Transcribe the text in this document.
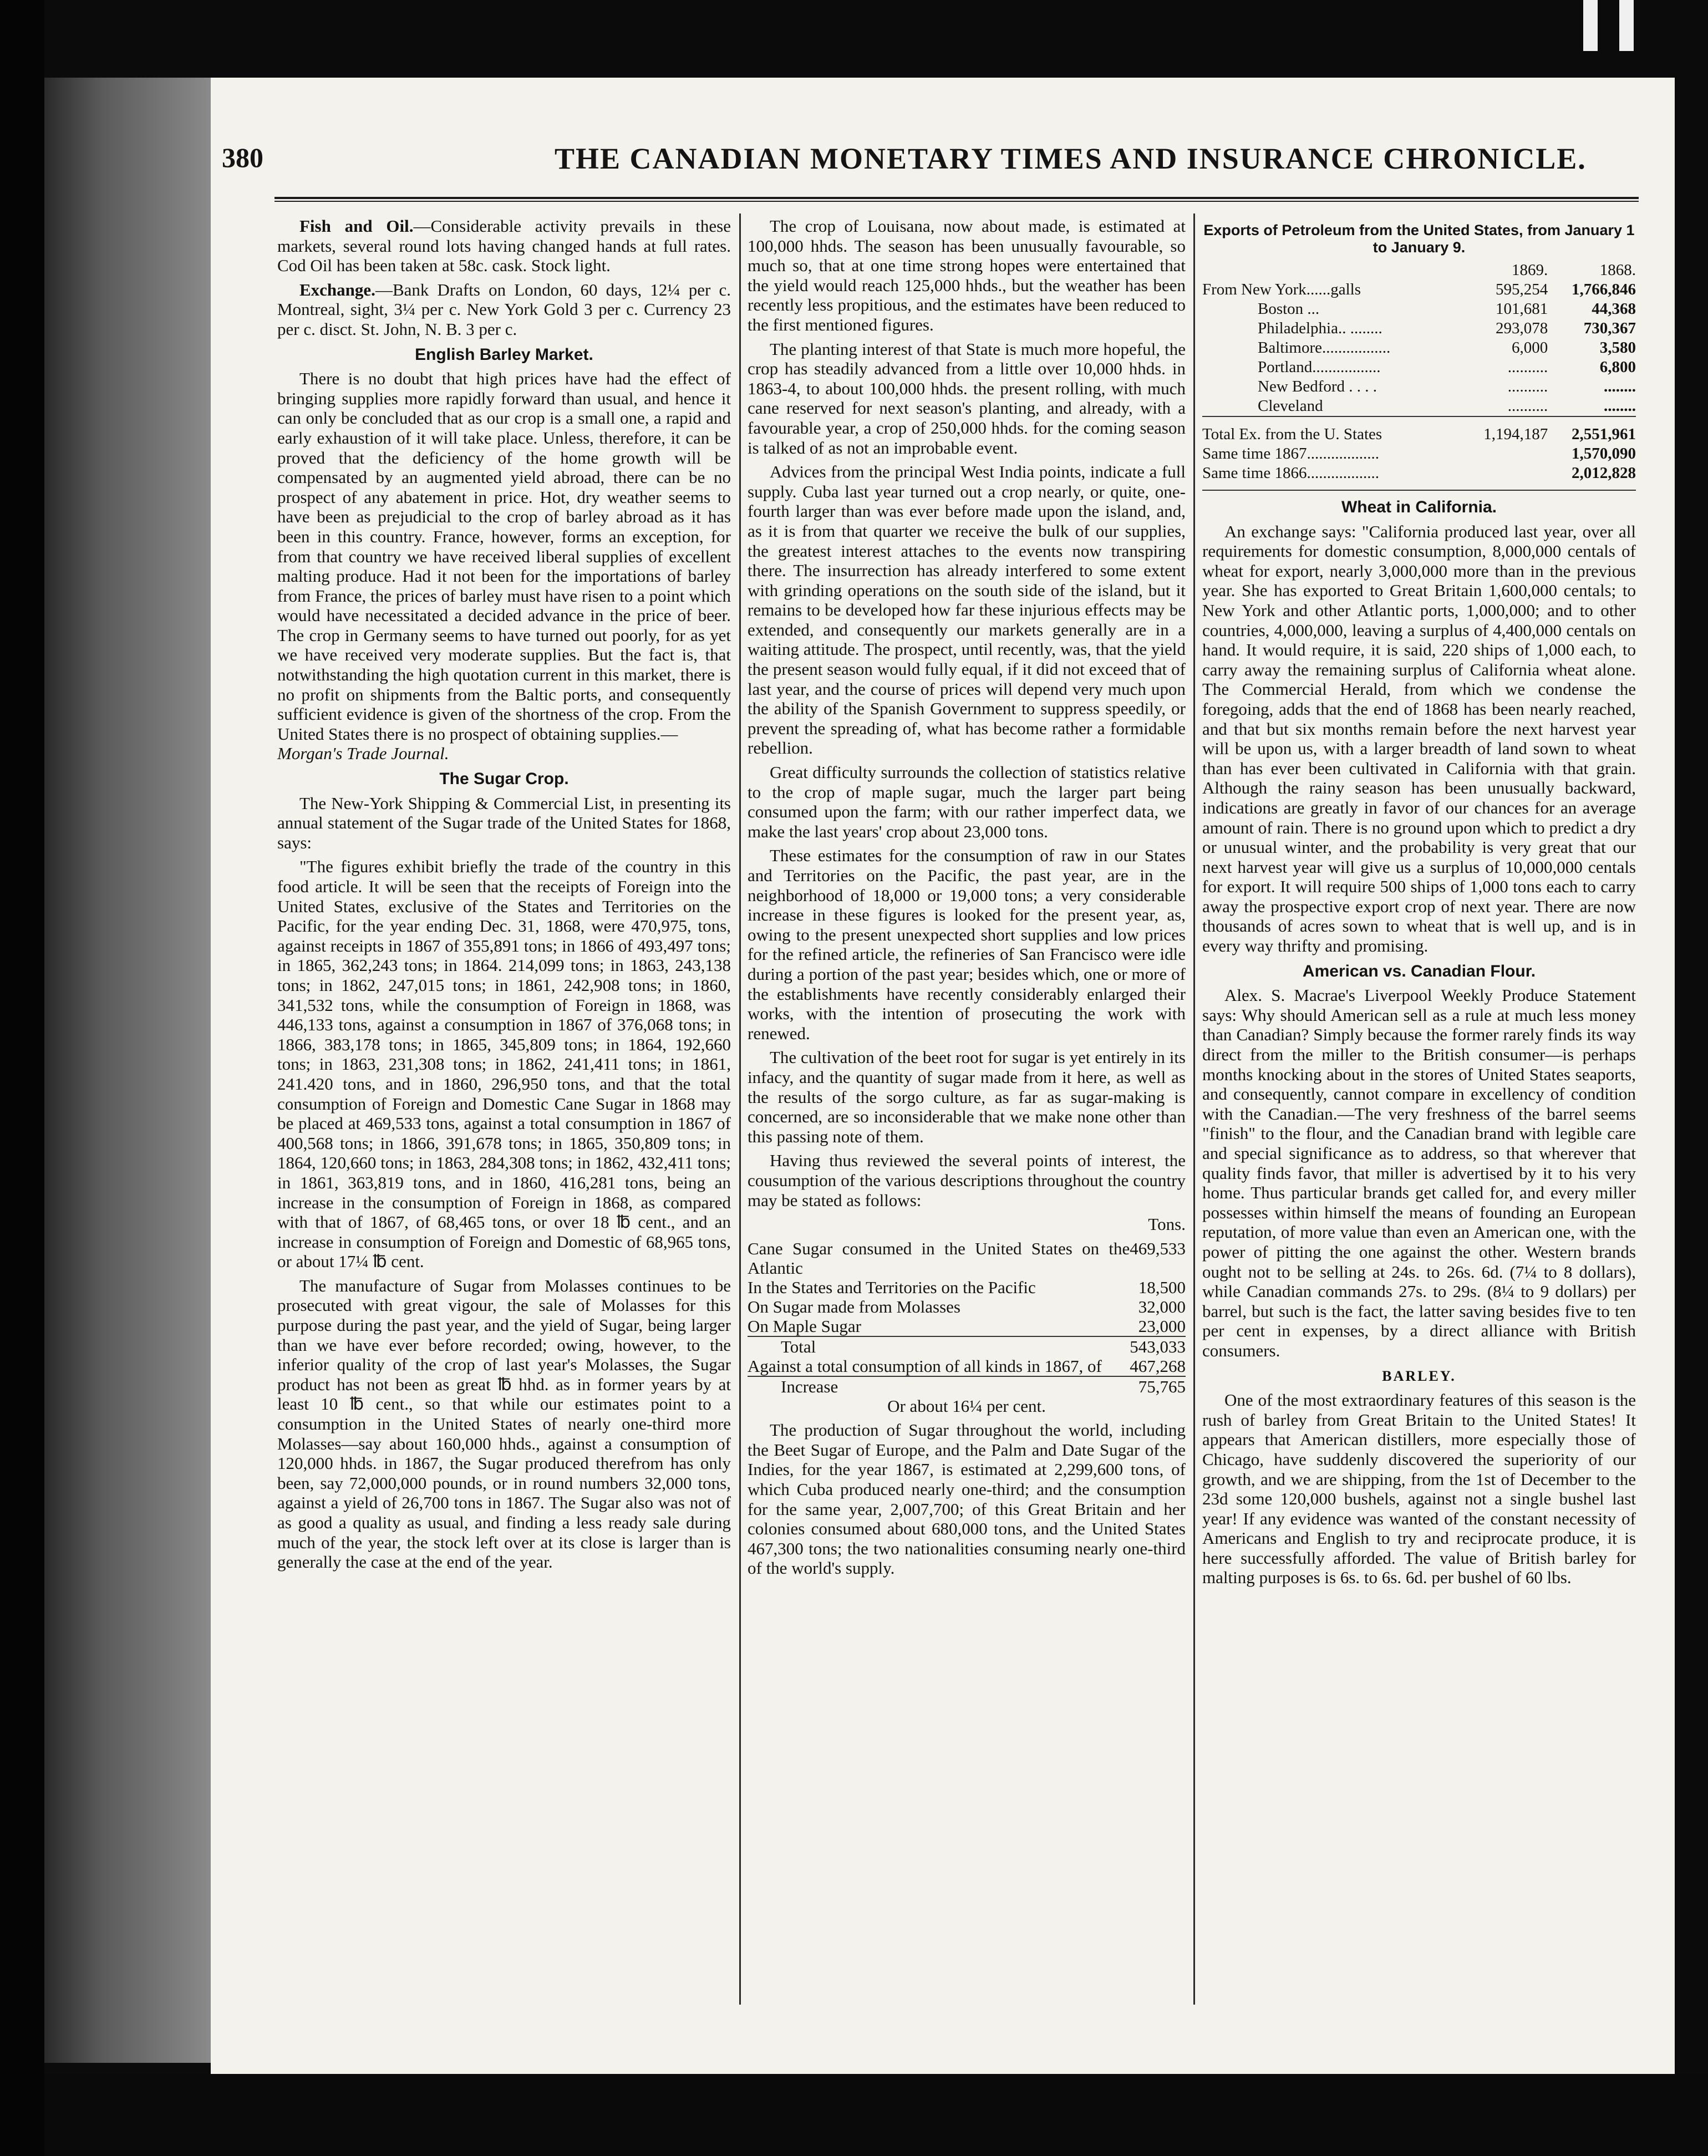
380	THE CANADIAN MONETARY TIMES AND INSURANCE CHRONICLE.

Fish and Oil.—Considerable activity prevails in these markets, several round lots having changed hands at full rates. Cod Oil has been taken at 58c. cask. Stock light.

Exchange.—Bank Drafts on London, 60 days, 12¼ per c. Montreal, sight, 3¼ per c. New York Gold 3 per c. Currency 23 per c. disct. St. John, N. B. 3 per c.

English Barley Market.

There is no doubt that high prices have had the effect of bringing supplies more rapidly forward than usual, and hence it can only be concluded that as our crop is a small one, a rapid and early exhaustion of it will take place. Unless, therefore, it can be proved that the deficiency of the home growth will be compensated by an augmented yield abroad, there can be no prospect of any abatement in price. Hot, dry weather seems to have been as prejudicial to the crop of barley abroad as it has been in this country. France, however, forms an exception, for from that country we have received liberal supplies of excellent malting produce. Had it not been for the importations of barley from France, the prices of barley must have risen to a point which would have necessitated a decided advance in the price of beer. The crop in Germany seems to have turned out poorly, for as yet we have received very moderate supplies. But the fact is, that notwithstanding the high quotation current in this market, there is no profit on shipments from the Baltic ports, and consequently sufficient evidence is given of the shortness of the crop. From the United States there is no prospect of obtaining supplies.—

Morgan's Trade Journal.

The Sugar Crop.

The New-York Shipping & Commercial List, in presenting its annual statement of the Sugar trade of the United States for 1868, says:

"The figures exhibit briefly the trade of the country in this food article. It will be seen that the receipts of Foreign into the United States, exclusive of the States and Territories on the Pacific, for the year ending Dec. 31, 1868, were 470,975, tons, against receipts in 1867 of 355,891 tons; in 1866 of 493,497 tons; in 1865, 362,243 tons; in 1864. 214,099 tons; in 1863, 243,138 tons; in 1862, 247,015 tons; in 1861, 242,908 tons; in 1860, 341,532 tons, while the consumption of Foreign in 1868, was 446,133 tons, against a consumption in 1867 of 376,068 tons; in 1866, 383,178 tons; in 1865, 345,809 tons; in 1864, 192,660 tons; in 1863, 231,308 tons; in 1862, 241,411 tons; in 1861, 241.420 tons, and in 1860, 296,950 tons, and that the total consumption of Foreign and Domestic Cane Sugar in 1868 may be placed at 469,533 tons, against a total consumption in 1867 of 400,568 tons; in 1866, 391,678 tons; in 1865, 350,809 tons; in 1864, 120,660 tons; in 1863, 284,308 tons; in 1862, 432,411 tons; in 1861, 363,819 tons, and in 1860, 416,281 tons, being an increase in the consumption of Foreign in 1868, as compared with that of 1867, of 68,465 tons, or over 18 ℔ cent., and an increase in consumption of Foreign and Domestic of 68,965 tons, or about 17¼ ℔ cent.

The manufacture of Sugar from Molasses continues to be prosecuted with great vigour, the sale of Molasses for this purpose during the past year, and the yield of Sugar, being larger than we have ever before recorded; owing, however, to the inferior quality of the crop of last year's Molasses, the Sugar product has not been as great ℔ hhd. as in former years by at least 10 ℔ cent., so that while our estimates point to a consumption in the United States of nearly one-third more Molasses—say about 160,000 hhds., against a consumption of 120,000 hhds. in 1867, the Sugar produced therefrom has only been, say 72,000,000 pounds, or in round numbers 32,000 tons, against a yield of 26,700 tons in 1867. The Sugar also was not of as good a quality as usual, and finding a less ready sale during much of the year, the stock left over at its close is larger than is generally the case at the end of the year.

The crop of Louisana, now about made, is estimated at 100,000 hhds. The season has been unusually favourable, so much so, that at one time strong hopes were entertained that the yield would reach 125,000 hhds., but the weather has been recently less propitious, and the estimates have been reduced to the first mentioned figures.

The planting interest of that State is much more hopeful, the crop has steadily advanced from a little over 10,000 hhds. in 1863-4, to about 100,000 hhds. the present rolling, with much cane reserved for next season's planting, and already, with a favourable year, a crop of 250,000 hhds. for the coming season is talked of as not an improbable event.

Advices from the principal West India points, indicate a full supply. Cuba last year turned out a crop nearly, or quite, one-fourth larger than was ever before made upon the island, and, as it is from that quarter we receive the bulk of our supplies, the greatest interest attaches to the events now transpiring there. The insurrection has already interfered to some extent with grinding operations on the south side of the island, but it remains to be developed how far these injurious effects may be extended, and consequently our markets generally are in a waiting attitude. The prospect, until recently, was, that the yield the present season would fully equal, if it did not exceed that of last year, and the course of prices will depend very much upon the ability of the Spanish Government to suppress speedily, or prevent the spreading of, what has become rather a formidable rebellion.

Great difficulty surrounds the collection of statistics relative to the crop of maple sugar, much the larger part being consumed upon the farm; with our rather imperfect data, we make the last years' crop about 23,000 tons.

These estimates for the consumption of raw in our States and Territories on the Pacific, the past year, are in the neighborhood of 18,000 or 19,000 tons; a very considerable increase in these figures is looked for the present year, as, owing to the present unexpected short supplies and low prices for the refined article, the refineries of San Francisco were idle during a portion of the past year; besides which, one or more of the establishments have recently considerably enlarged their works, with the intention of prosecuting the work with renewed.

The cultivation of the beet root for sugar is yet entirely in its infacy, and the quantity of sugar made from it here, as well as the results of the sorgo culture, as far as sugar-making is concerned, are so inconsiderable that we make none other than this passing note of them.

Having thus reviewed the several points of interest, the cousumption of the various descriptions throughout the country may be stated as follows:

Tons.

Cane Sugar consumed in the United States on the Atlantic	469,533
In the States and Territories on the Pacific	18,500
On Sugar made from Molasses	32,000
On Maple Sugar	23,000
Total	543,033
Against a total consumption of all kinds in 1867, of	467,268
Increase	75,765

Or about 16¼ per cent.

The production of Sugar throughout the world, including the Beet Sugar of Europe, and the Palm and Date Sugar of the Indies, for the year 1867, is estimated at 2,299,600 tons, of which Cuba produced nearly one-third; and the consumption for the same year, 2,007,700; of this Great Britain and her colonies consumed about 680,000 tons, and the United States 467,300 tons; the two nationalities consuming nearly one-third of the world's supply.

Exports of Petroleum from the United States, from January 1 to January 9.
	1869.	1868.
From New York......galls	595,254	1,766,846
Boston ...	101,681	44,368
Philadelphia.. ........	293,078	730,367
Baltimore.................	6,000	3,580
Portland.................	..........	6,800
New Bedford . . . .	..........	........
Cleveland	..........	........
Total Ex. from the U. States	1,194,187	2,551,961
Same time 1867..................		1,570,090
Same time 1866..................		2,012,828
Wheat in California.

An exchange says: "California produced last year, over all requirements for domestic consumption, 8,000,000 centals of wheat for export, nearly 3,000,000 more than in the previous year. She has exported to Great Britain 1,600,000 centals; to New York and other Atlantic ports, 1,000,000; and to other countries, 4,000,000, leaving a surplus of 4,400,000 centals on hand. It would require, it is said, 220 ships of 1,000 each, to carry away the remaining surplus of California wheat alone. The Commercial Herald, from which we condense the foregoing, adds that the end of 1868 has been nearly reached, and that but six months remain before the next harvest year will be upon us, with a larger breadth of land sown to wheat than has ever been cultivated in California with that grain. Although the rainy season has been unusually backward, indications are greatly in favor of our chances for an average amount of rain. There is no ground upon which to predict a dry or unusual winter, and the probability is very great that our next harvest year will give us a surplus of 10,000,000 centals for export. It will require 500 ships of 1,000 tons each to carry away the prospective export crop of next year. There are now thousands of acres sown to wheat that is well up, and is in every way thrifty and promising.

American vs. Canadian Flour.

Alex. S. Macrae's Liverpool Weekly Produce Statement says: Why should American sell as a rule at much less money than Canadian? Simply because the former rarely finds its way direct from the miller to the British consumer—is perhaps months knocking about in the stores of United States seaports, and consequently, cannot compare in excellency of condition with the Canadian.—The very freshness of the barrel seems "finish" to the flour, and the Canadian brand with legible care and special significance as to address, so that wherever that quality finds favor, that miller is advertised by it to his very home. Thus particular brands get called for, and every miller possesses within himself the means of founding an European reputation, of more value than even an American one, with the power of pitting the one against the other. Western brands ought not to be selling at 24s. to 26s. 6d. (7¼ to 8 dollars), while Canadian commands 27s. to 29s. (8¼ to 9 dollars) per barrel, but such is the fact, the latter saving besides five to ten per cent in expenses, by a direct alliance with British consumers.

BARLEY.

One of the most extraordinary features of this season is the rush of barley from Great Britain to the United States! It appears that American distillers, more especially those of Chicago, have suddenly discovered the superiority of our growth, and we are shipping, from the 1st of December to the 23d some 120,000 bushels, against not a single bushel last year! If any evidence was wanted of the constant necessity of Americans and English to try and reciprocate produce, it is here successfully afforded. The value of British barley for malting purposes is 6s. to 6s. 6d. per bushel of 60 lbs.
